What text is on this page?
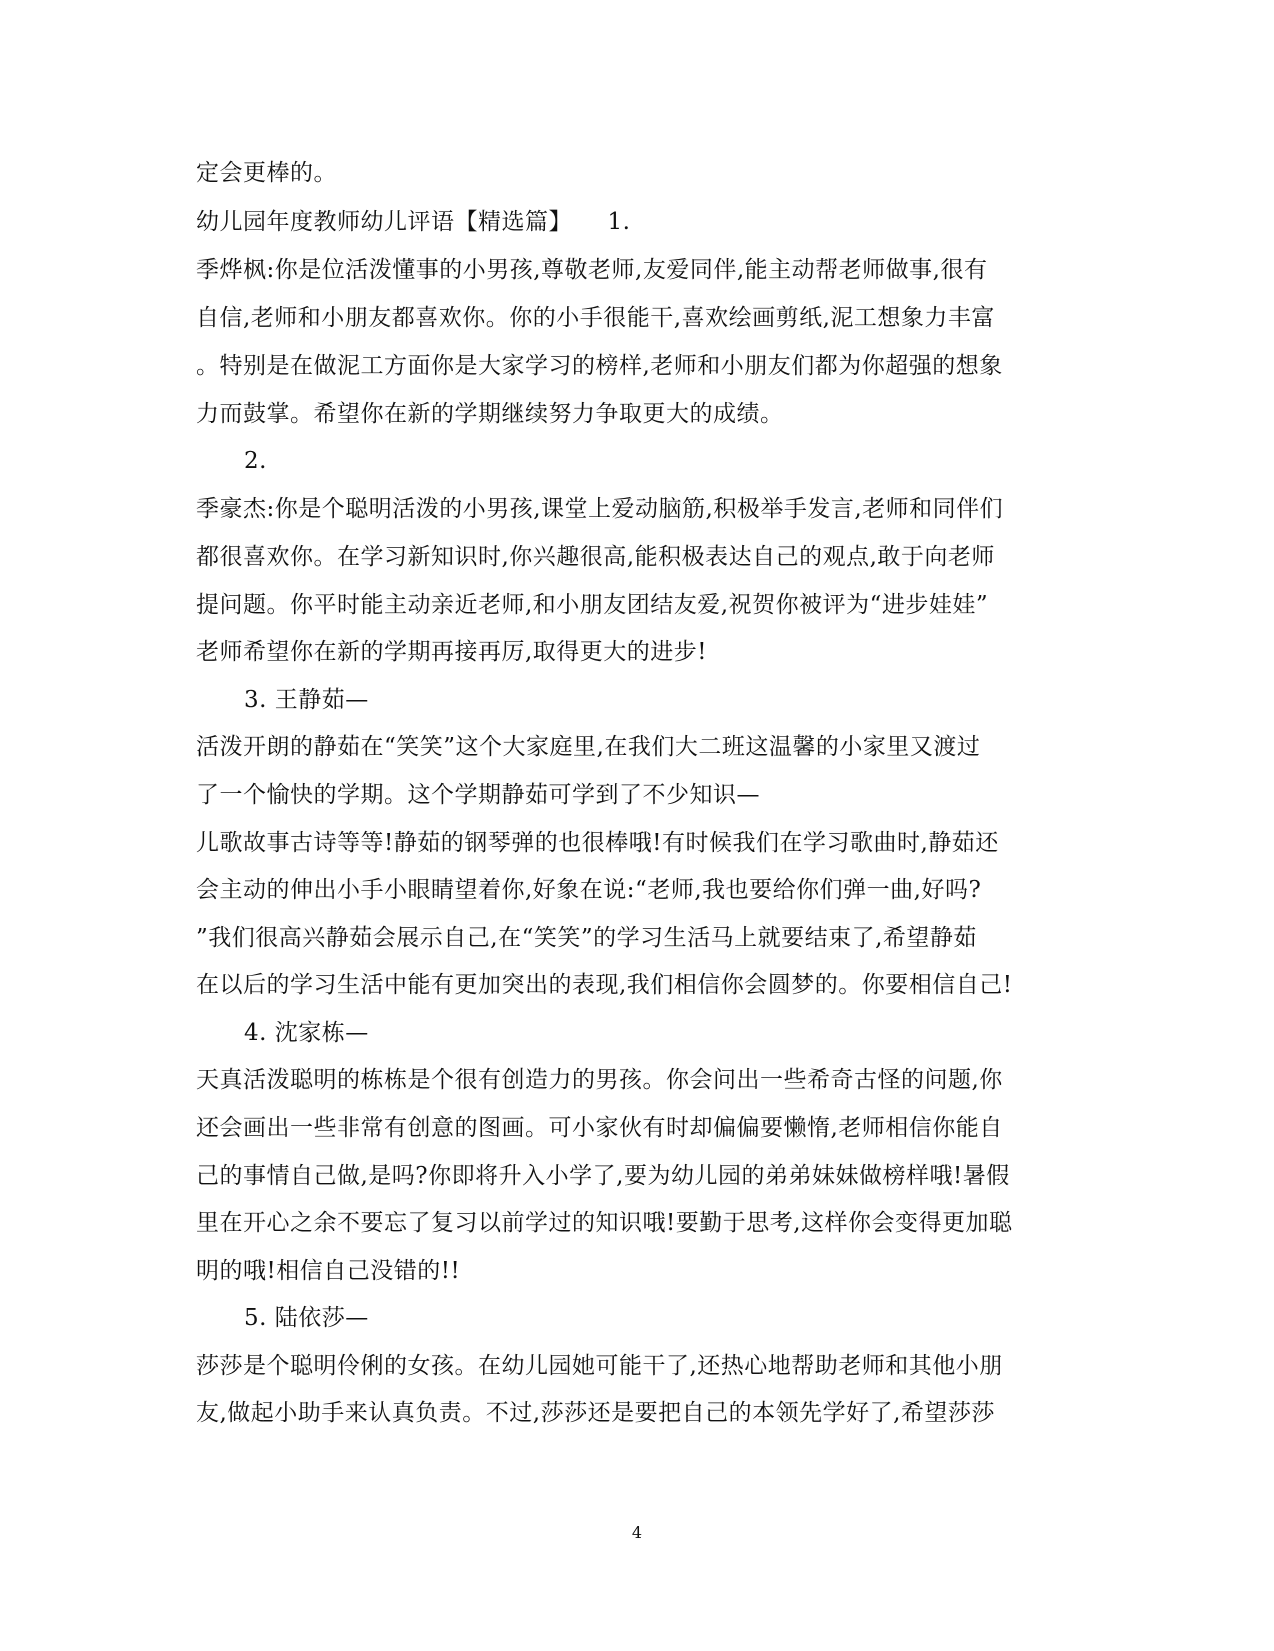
定会更棒的。
幼儿园年度教师幼儿评语【精选篇】　　1.
季烨枫:你是位活泼懂事的小男孩,尊敬老师,友爱同伴,能主动帮老师做事,很有
自信,老师和小朋友都喜欢你。你的小手很能干,喜欢绘画剪纸,泥工想象力丰富
。特别是在做泥工方面你是大家学习的榜样,老师和小朋友们都为你超强的想象
力而鼓掌。希望你在新的学期继续努力争取更大的成绩。
2.
季豪杰:你是个聪明活泼的小男孩,课堂上爱动脑筋,积极举手发言,老师和同伴们
都很喜欢你。在学习新知识时,你兴趣很高,能积极表达自己的观点,敢于向老师
提问题。你平时能主动亲近老师,和小朋友团结友爱,祝贺你被评为“进步娃娃”
老师希望你在新的学期再接再厉,取得更大的进步!
3. 王静茹—
活泼开朗的静茹在“笑笑”这个大家庭里,在我们大二班这温馨的小家里又渡过
了一个愉快的学期。这个学期静茹可学到了不少知识—
儿歌故事古诗等等!静茹的钢琴弹的也很棒哦!有时候我们在学习歌曲时,静茹还
会主动的伸出小手小眼睛望着你,好象在说:“老师,我也要给你们弹一曲,好吗?
”我们很高兴静茹会展示自己,在“笑笑”的学习生活马上就要结束了,希望静茹
在以后的学习生活中能有更加突出的表现,我们相信你会圆梦的。你要相信自己!
4. 沈家栋—
天真活泼聪明的栋栋是个很有创造力的男孩。你会问出一些希奇古怪的问题,你
还会画出一些非常有创意的图画。可小家伙有时却偏偏要懒惰,老师相信你能自
己的事情自己做,是吗?你即将升入小学了,要为幼儿园的弟弟妹妹做榜样哦!暑假
里在开心之余不要忘了复习以前学过的知识哦!要勤于思考,这样你会变得更加聪
明的哦!相信自己没错的!!
5. 陆依莎—
莎莎是个聪明伶俐的女孩。在幼儿园她可能干了,还热心地帮助老师和其他小朋
友,做起小助手来认真负责。不过,莎莎还是要把自己的本领先学好了,希望莎莎
4
